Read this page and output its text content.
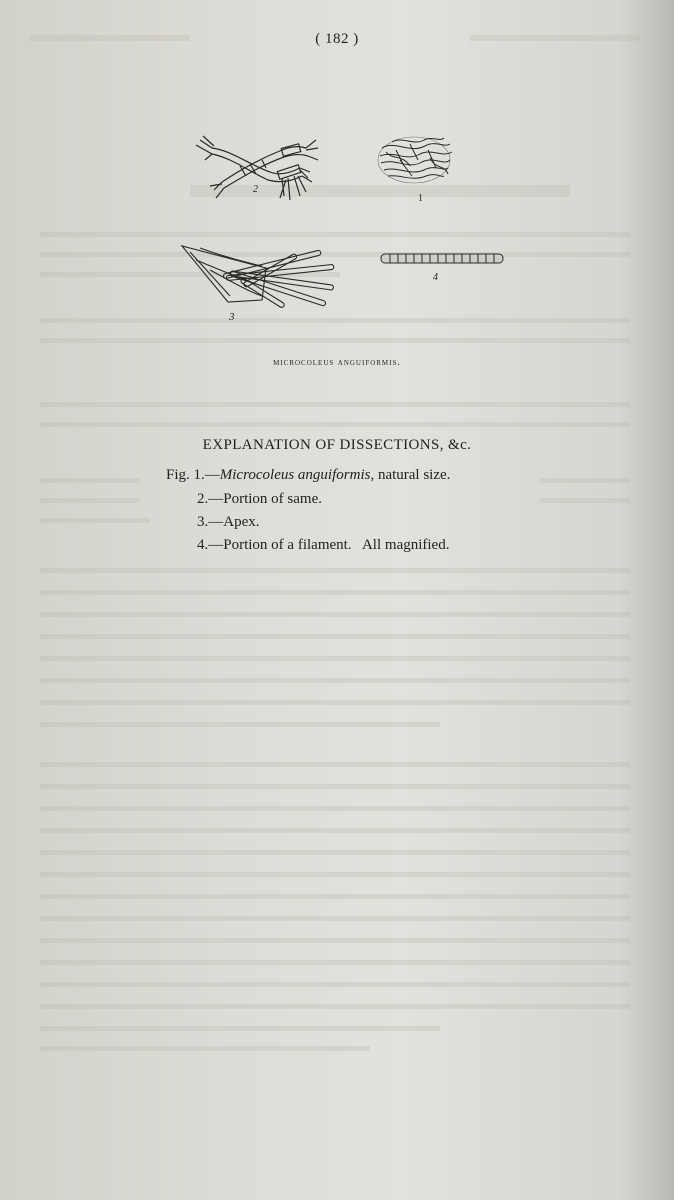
( 182 )
2
1
3
4
microcoleus anguiformis.
EXPLANATION OF DISSECTIONS, &c.
Fig. 1.—Microcoleus anguiformis, natural size.
2.—Portion of same.
3.—Apex.
4.—Portion of a filament.   All magnified.
